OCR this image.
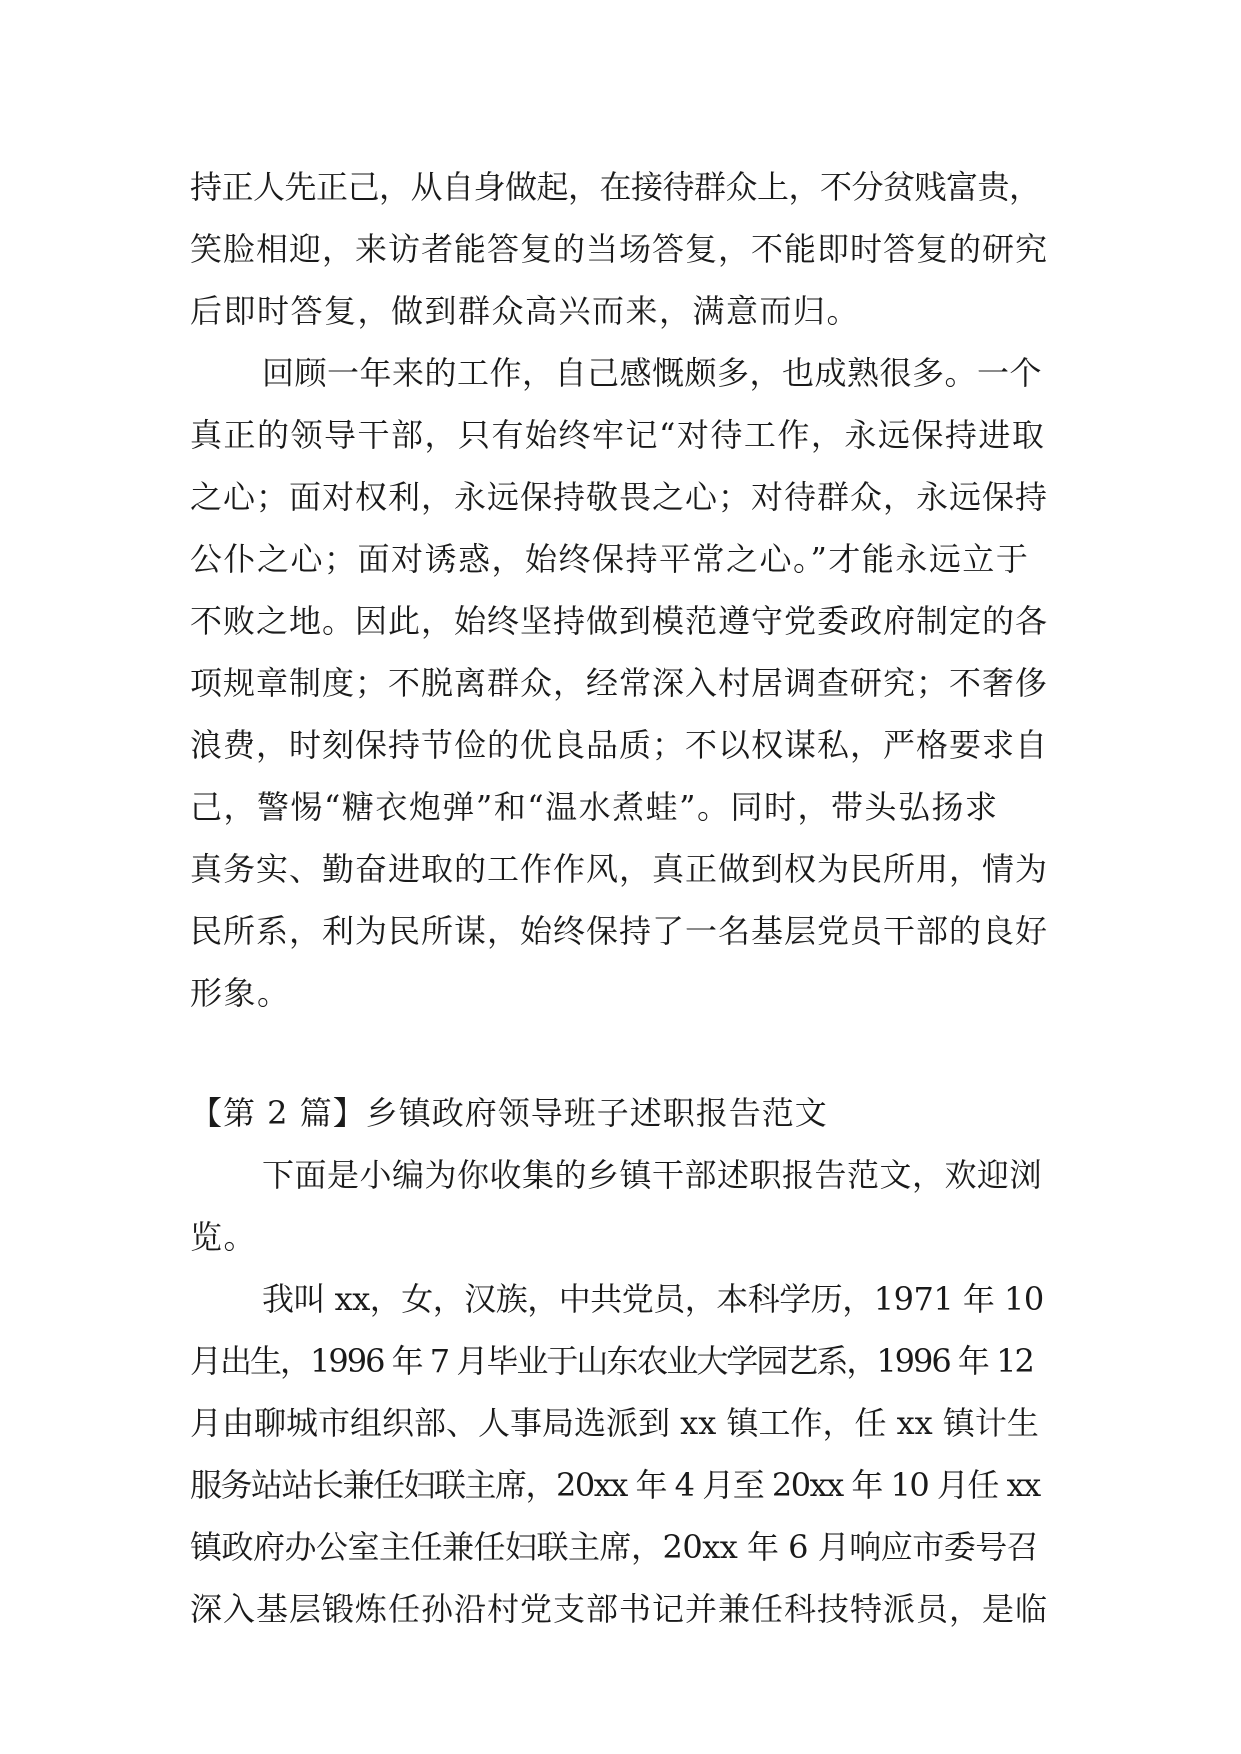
持正人先正己，从自身做起，在接待群众上，不分贫贱富贵，
笑脸相迎，来访者能答复的当场答复，不能即时答复的研究
后即时答复，做到群众高兴而来，满意而归。
回顾一年来的工作，自己感慨颇多，也成熟很多。一个
真正的领导干部，只有始终牢记“对待工作，永远保持进取
之心；面对权利，永远保持敬畏之心；对待群众，永远保持
公仆之心；面对诱惑，始终保持平常之心。”才能永远立于
不败之地。因此，始终坚持做到模范遵守党委政府制定的各
项规章制度；不脱离群众，经常深入村居调查研究；不奢侈
浪费，时刻保持节俭的优良品质；不以权谋私，严格要求自
己，警惕“糖衣炮弹”和“温水煮蛙”。同时，带头弘扬求
真务实、勤奋进取的工作作风，真正做到权为民所用，情为
民所系，利为民所谋，始终保持了一名基层党员干部的良好
形象。
【第 2 篇】乡镇政府领导班子述职报告范文
下面是小编为你收集的乡镇干部述职报告范文，欢迎浏
览。
我叫 xx，女，汉族，中共党员，本科学历，1971 年 10
月出生，1996 年 7 月毕业于山东农业大学园艺系，1996 年 12
月由聊城市组织部、人事局选派到 xx 镇工作，任 xx 镇计生
服务站站长兼任妇联主席，20xx 年 4 月至 20xx 年 10 月任 xx
镇政府办公室主任兼任妇联主席，20xx 年 6 月响应市委号召
深入基层锻炼任孙沿村党支部书记并兼任科技特派员，是临
